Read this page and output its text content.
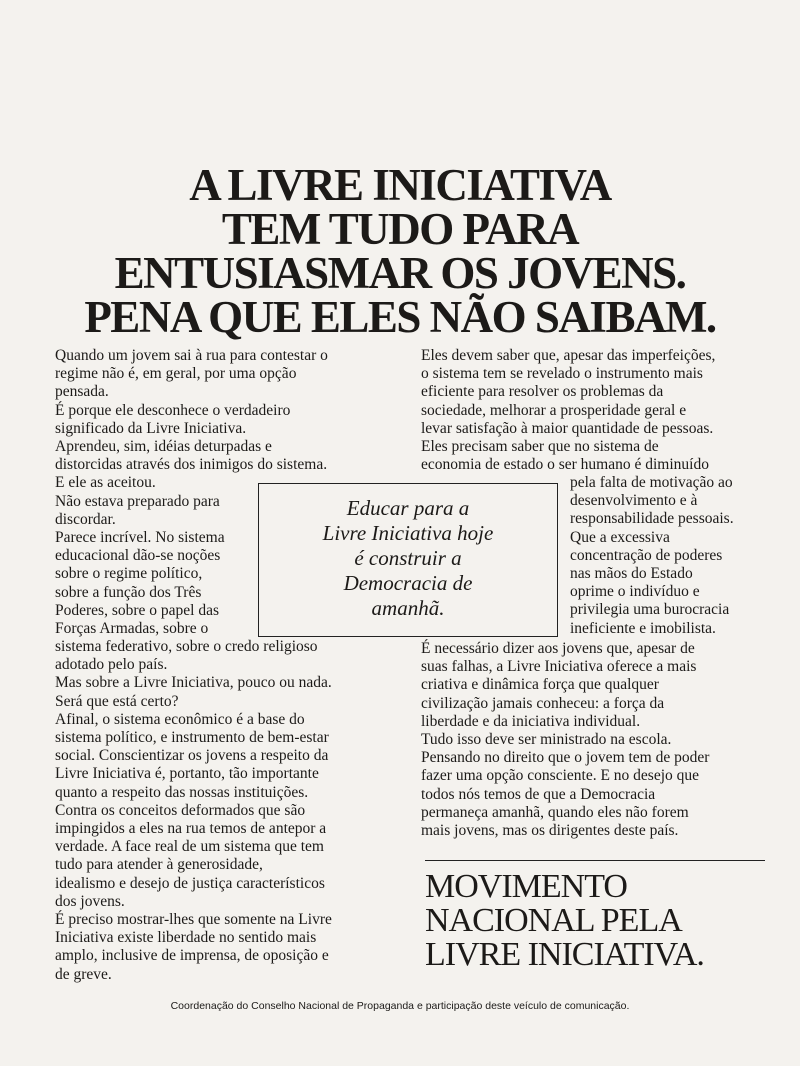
A LIVRE INICIATIVA
TEM TUDO PARA
ENTUSIASMAR OS JOVENS.
PENA QUE ELES NÃO SAIBAM.
Quando um jovem sai à rua para contestar o
regime não é, em geral, por uma opção
pensada.
É porque ele desconhece o verdadeiro
significado da Livre Iniciativa.
Aprendeu, sim, idéias deturpadas e
distorcidas através dos inimigos do sistema.
E ele as aceitou.
Não estava preparado para
discordar.
Parece incrível. No sistema
educacional dão-se noções
sobre o regime político,
sobre a função dos Três
Poderes, sobre o papel das
Forças Armadas, sobre o
sistema federativo, sobre o credo religioso
adotado pelo país.
Mas sobre a Livre Iniciativa, pouco ou nada.
Será que está certo?
Afinal, o sistema econômico é a base do
sistema político, e instrumento de bem-estar
social. Conscientizar os jovens a respeito da
Livre Iniciativa é, portanto, tão importante
quanto a respeito das nossas instituições.
Contra os conceitos deformados que são
impingidos a eles na rua temos de antepor a
verdade. A face real de um sistema que tem
tudo para atender à generosidade,
idealismo e desejo de justiça característicos
dos jovens.
É preciso mostrar-lhes que somente na Livre
Iniciativa existe liberdade no sentido mais
amplo, inclusive de imprensa, de oposição e
de greve.
Eles devem saber que, apesar das imperfeições,
o sistema tem se revelado o instrumento mais
eficiente para resolver os problemas da
sociedade, melhorar a prosperidade geral e
levar satisfação à maior quantidade de pessoas.
Eles precisam saber que no sistema de
economia de estado o ser humano é diminuído
pela falta de motivação ao
desenvolvimento e à
responsabilidade pessoais.
Que a excessiva
concentração de poderes
nas mãos do Estado
oprime o indivíduo e
privilegia uma burocracia
ineficiente e imobilista.
É necessário dizer aos jovens que, apesar de
suas falhas, a Livre Iniciativa oferece a mais
criativa e dinâmica força que qualquer
civilização jamais conheceu: a força da
liberdade e da iniciativa individual.
Tudo isso deve ser ministrado na escola.
Pensando no direito que o jovem tem de poder
fazer uma opção consciente. E no desejo que
todos nós temos de que a Democracia
permaneça amanhã, quando eles não forem
mais jovens, mas os dirigentes deste país.
Educar para a
Livre Iniciativa hoje
é construir a
Democracia de
amanhã.
MOVIMENTO
NACIONAL PELA
LIVRE INICIATIVA.
Coordenação do Conselho Nacional de Propaganda e participação deste veículo de comunicação.
